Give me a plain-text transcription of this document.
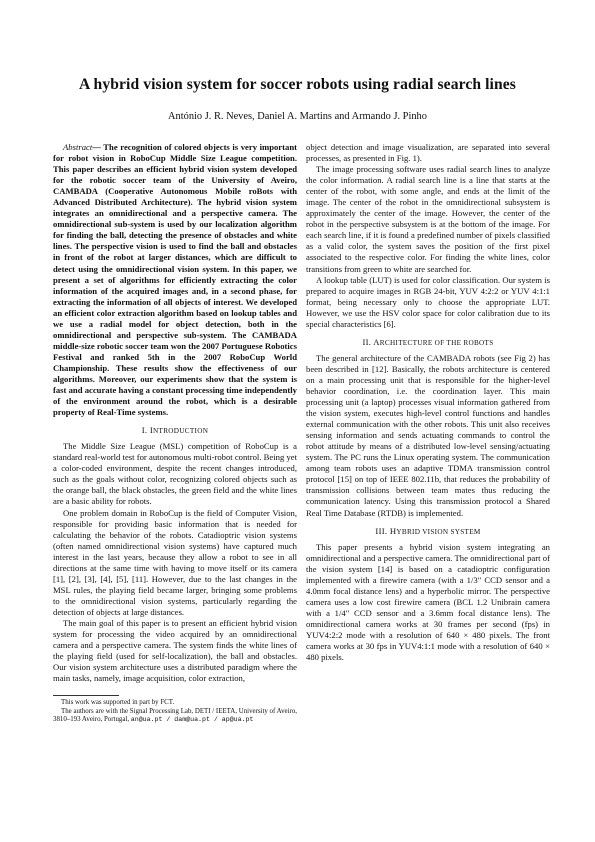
A hybrid vision system for soccer robots using radial search lines
António J. R. Neves, Daniel A. Martins and Armando J. Pinho

Abstract— The recognition of colored objects is very important for robot vision in RoboCup Middle Size League competition. This paper describes an efficient hybrid vision system developed for the robotic soccer team of the University of Aveiro, CAMBADA (Cooperative Autonomous Mobile roBots with Advanced Distributed Architecture). The hybrid vision system integrates an omnidirectional and a perspective camera. The omnidirectional sub-system is used by our localization algorithm for finding the ball, detecting the presence of obstacles and white lines. The perspective vision is used to find the ball and obstacles in front of the robot at larger distances, which are difficult to detect using the omnidirectional vision system. In this paper, we present a set of algorithms for efficiently extracting the color information of the acquired images and, in a second phase, for extracting the information of all objects of interest. We developed an efficient color extraction algorithm based on lookup tables and we use a radial model for object detection, both in the omnidirectional and perspective sub-system. The CAMBADA middle-size robotic soccer team won the 2007 Portuguese Robotics Festival and ranked 5th in the 2007 RoboCup World Championship. These results show the effectiveness of our algorithms. Moreover, our experiments show that the system is fast and accurate having a constant processing time independently of the environment around the robot, which is a desirable property of Real-Time systems.

I. INTRODUCTION

The Middle Size League (MSL) competition of RoboCup is a standard real-world test for autonomous multi-robot control. Being yet a color-coded environment, despite the recent changes introduced, such as the goals without color, recognizing colored objects such as the orange ball, the black obstacles, the green field and the white lines are a basic ability for robots.

One problem domain in RoboCup is the field of Computer Vision, responsible for providing basic information that is needed for calculating the behavior of the robots. Catadioptric vision systems (often named omnidirectional vision systems) have captured much interest in the last years, because they allow a robot to see in all directions at the same time with having to move itself or its camera [1], [2], [3], [4], [5], [11]. However, due to the last changes in the MSL rules, the playing field became larger, bringing some problems to the omnidirectional vision systems, particularly regarding the detection of objects at large distances.

The main goal of this paper is to present an efficient hybrid vision system for processing the video acquired by an omnidirectional camera and a perspective camera. The system finds the white lines of the playing field (used for self-localization), the ball and obstacles. Our vision system architecture uses a distributed paradigm where the main tasks, namely, image acquisition, color extraction,

This work was supported in part by FCT.

The authors are with the Signal Processing Lab, DETI / IEETA, University of Aveiro, 3810–193 Aveiro, Portugal, an@ua.pt / dam@ua.pt / ap@ua.pt

object detection and image visualization, are separated into several processes, as presented in Fig. 1).

The image processing software uses radial search lines to analyze the color information. A radial search line is a line that starts at the center of the robot, with some angle, and ends at the limit of the image. The center of the robot in the omnidirectional subsystem is approximately the center of the image. However, the center of the robot in the perspective subsystem is at the bottom of the image. For each search line, if it is found a predefined number of pixels classified as a valid color, the system saves the position of the first pixel associated to the respective color. For finding the white lines, color transitions from green to white are searched for.

A lookup table (LUT) is used for color classification. Our system is prepared to acquire images in RGB 24-bit, YUV 4:2:2 or YUV 4:1:1 format, being necessary only to choose the appropriate LUT. However, we use the HSV color space for color calibration due to its special characteristics [6].

II. ARCHITECTURE OF THE ROBOTS

The general architecture of the CAMBADA robots (see Fig 2) has been described in [12]. Basically, the robots architecture is centered on a main processing unit that is responsible for the higher-level behavior coordination, i.e. the coordination layer. This main processing unit (a laptop) processes visual information gathered from the vision system, executes high-level control functions and handles external communication with the other robots. This unit also receives sensing information and sends actuating commands to control the robot attitude by means of a distributed low-level sensing/actuating system. The PC runs the Linux operating system. The communication among team robots uses an adaptive TDMA transmission control protocol [15] on top of IEEE 802.11b, that reduces the probability of transmission collisions between team mates thus reducing the communication latency. Using this transmission protocol a Shared Real Time Database (RTDB) is implemented.

III. HYBRID VISION SYSTEM

This paper presents a hybrid vision system integrating an omnidirectional and a perspective camera. The omnidirectional part of the vision system [14] is based on a catadioptric configuration implemented with a firewire camera (with a 1/3" CCD sensor and a 4.0mm focal distance lens) and a hyperbolic mirror. The perspective camera uses a low cost firewire camera (BCL 1.2 Unibrain camera with a 1/4" CCD sensor and a 3.6mm focal distance lens). The omnidirectional camera works at 30 frames per second (fps) in YUV4:2:2 mode with a resolution of 640 × 480 pixels. The front camera works at 30 fps in YUV4:1:1 mode with a resolution of 640 × 480 pixels.
